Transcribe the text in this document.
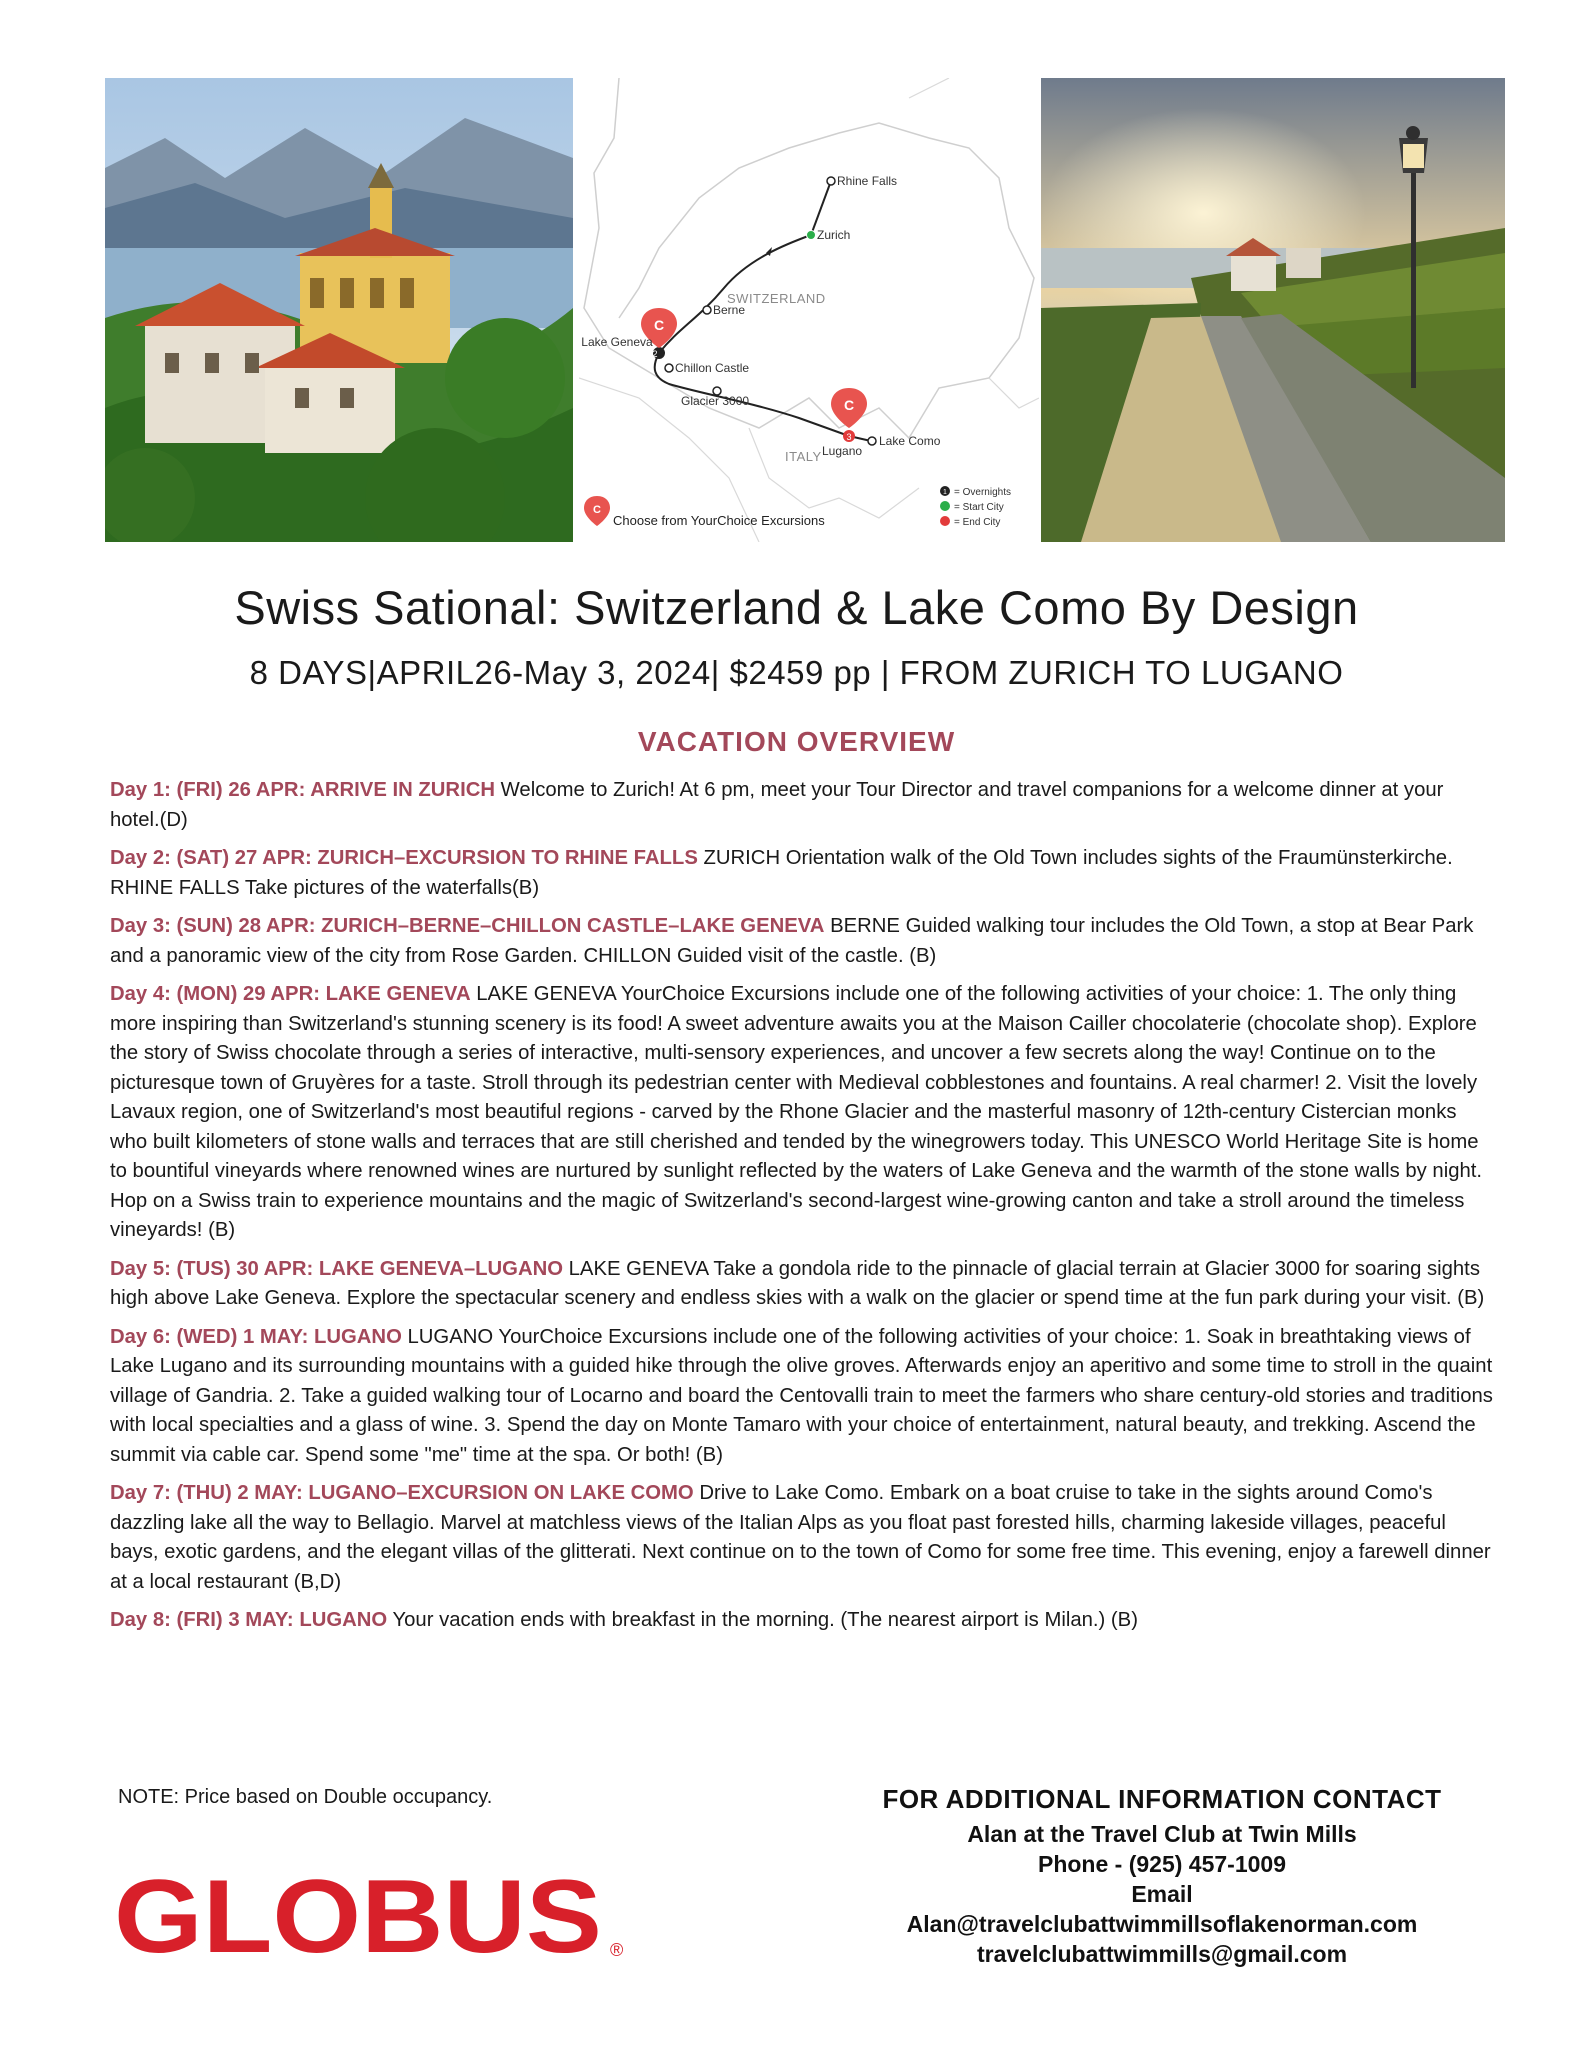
2
3
C
C
C
Rhine Falls
Zurich
Berne
Lake Geneva
Chillon Castle
Glacier 3000
Lugano
Lake Como
SWITZERLAND
ITALY
1 = Overnights
= Start City
= End City
Choose from YourChoice Excursions
Swiss Sational: Switzerland & Lake Como By Design
8 DAYS|APRIL26-May 3, 2024| $2459 pp | FROM ZURICH TO LUGANO
VACATION OVERVIEW

Day 1: (FRI) 26 APR: ARRIVE IN ZURICH Welcome to Zurich! At 6 pm, meet your Tour Director and travel companions for a welcome dinner at your hotel.(D)

Day 2: (SAT) 27 APR: ZURICH–EXCURSION TO RHINE FALLS ZURICH Orientation walk of the Old Town includes sights of the Fraumünsterkirche. RHINE FALLS Take pictures of the waterfalls(B)

Day 3: (SUN) 28 APR: ZURICH–BERNE–CHILLON CASTLE–LAKE GENEVA BERNE Guided walking tour includes the Old Town, a stop at Bear Park and a panoramic view of the city from Rose Garden. CHILLON Guided visit of the castle. (B)

Day 4: (MON) 29 APR: LAKE GENEVA LAKE GENEVA YourChoice Excursions include one of the following activities of your choice: 1. The only thing more inspiring than Switzerland's stunning scenery is its food! A sweet adventure awaits you at the Maison Cailler chocolaterie (chocolate shop). Explore the story of Swiss chocolate through a series of interactive, multi-sensory experiences, and uncover a few secrets along the way! Continue on to the picturesque town of Gruyères for a taste. Stroll through its pedestrian center with Medieval cobblestones and fountains. A real charmer! 2. Visit the lovely Lavaux region, one of Switzerland's most beautiful regions - carved by the Rhone Glacier and the masterful masonry of 12th-century Cistercian monks who built kilometers of stone walls and terraces that are still cherished and tended by the winegrowers today. This UNESCO World Heritage Site is home to bountiful vineyards where renowned wines are nurtured by sunlight reflected by the waters of Lake Geneva and the warmth of the stone walls by night. Hop on a Swiss train to experience mountains and the magic of Switzerland's second-largest wine-growing canton and take a stroll around the timeless vineyards! (B)

Day 5: (TUS) 30 APR: LAKE GENEVA–LUGANO LAKE GENEVA Take a gondola ride to the pinnacle of glacial terrain at Glacier 3000 for soaring sights high above Lake Geneva. Explore the spectacular scenery and endless skies with a walk on the glacier or spend time at the fun park during your visit. (B)

Day 6: (WED) 1 MAY: LUGANO LUGANO YourChoice Excursions include one of the following activities of your choice: 1. Soak in breathtaking views of Lake Lugano and its surrounding mountains with a guided hike through the olive groves. Afterwards enjoy an aperitivo and some time to stroll in the quaint village of Gandria. 2. Take a guided walking tour of Locarno and board the Centovalli train to meet the farmers who share century-old stories and traditions with local specialties and a glass of wine. 3. Spend the day on Monte Tamaro with your choice of entertainment, natural beauty, and trekking. Ascend the summit via cable car. Spend some "me" time at the spa. Or both! (B)

Day 7: (THU) 2 MAY: LUGANO–EXCURSION ON LAKE COMO Drive to Lake Como. Embark on a boat cruise to take in the sights around Como's dazzling lake all the way to Bellagio. Marvel at matchless views of the Italian Alps as you float past forested hills, charming lakeside villages, peaceful bays, exotic gardens, and the elegant villas of the glitterati. Next continue on to the town of Como for some free time. This evening, enjoy a farewell dinner at a local restaurant (B,D)

Day 8: (FRI) 3 MAY: LUGANO Your vacation ends with breakfast in the morning. (The nearest airport is Milan.) (B)

NOTE: Price based on Double occupancy.
GLOBUS ®
FOR ADDITIONAL INFORMATION CONTACT
Alan at the Travel Club at Twin Mills
Phone - (925) 457-1009
Email
Alan@travelclubattwimmillsoflakenorman.com
travelclubattwimmills@gmail.com
